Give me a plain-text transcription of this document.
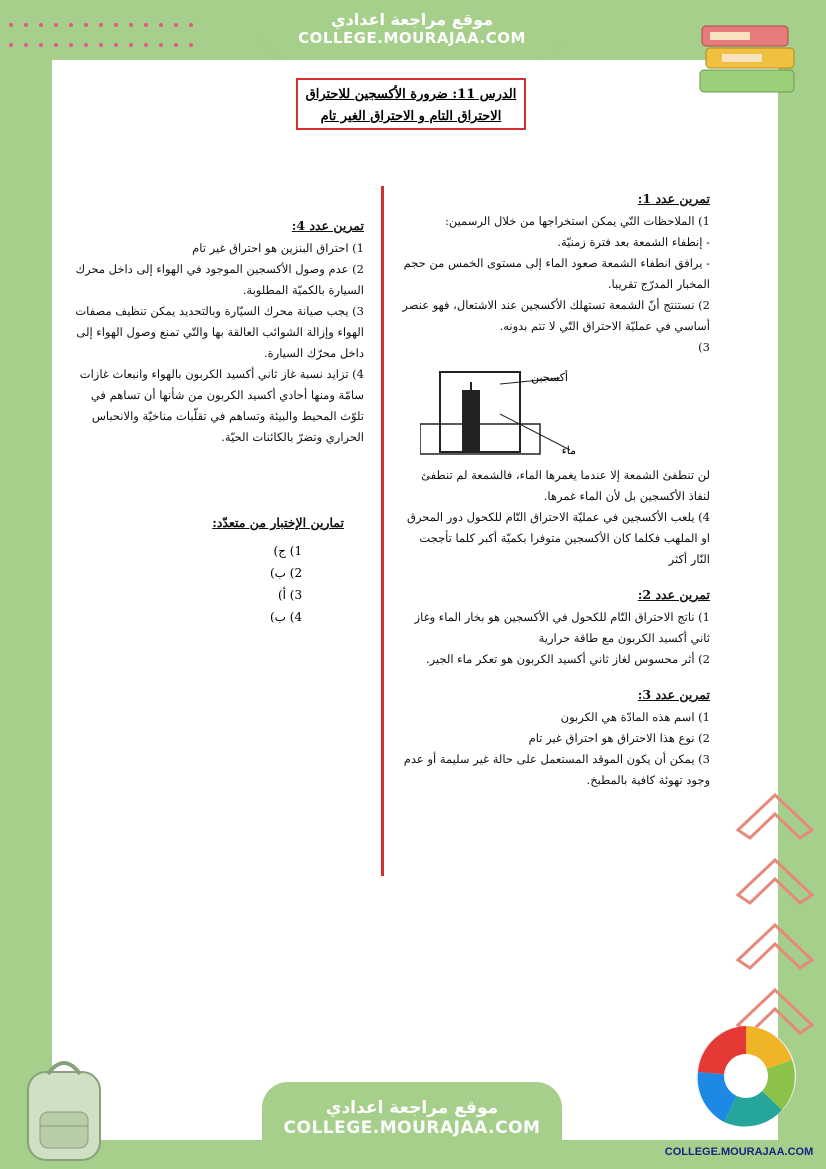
موقع مراجعة اعدادي
COLLEGE.MOURAJAA.COM
الدرس 11: ضرورة الأكسجين للاحتراق
الاحتراق التام و الاحتراق الغير تام
تمرين عدد 1:

1) الملاحظات التّي يمكن استخراجها من خلال الرسمين:

- إنطفاء الشمعة بعد فترة زمنيّة.

- يرافق انطفاء الشمعة صعود الماء إلى مستوى الخمس من حجم المخبار المدرّج تقريبا.

2) نستنتج أنّ الشمعة تستهلك الأكسجين عند الاشتعال، فهو عنصر أساسي في عمليّة الاحتراق التّي لا تتم بدونه.

3)

أكسجين
ماء

لن تنطفئ الشمعة إلا عندما يغمرها الماء، فالشمعة لم تنطفئ لنفاذ الأكسجين بل لأن الماء غمرها.

4) يلعب الأكسجين في عمليّة الاحتراق التّام للكحول دور المحرق او الملهب فكلما كان الأكسجين متوفرا بكميّة أكبر كلما تأججت النّار أكثر

تمرين عدد 2:

1) ناتج الاحتراق التّام للكحول في الأكسجين هو بخار الماء وغاز ثاني أكسيد الكربون مع طاقة حرارية

2) أثر محسوس لغاز ثاني أكسيد الكربون هو تعكر ماء الجير.

تمرين عدد 3:

1) اسم هذه المادّة هي الكربون

2) نوع هذا الاحتراق هو احتراق غير تام

3) يمكن أن يكون الموقد المستعمل على حالة غير سليمة أو عدم وجود تهوئة كافية بالمطبخ.

تمرين عدد 4:

1) احتراق البنزين هو احتراق غير تام

2) عدم وصول الأكسجين الموجود في الهواء إلى داخل محرك السيارة بالكميّة المطلوبة.

3) يجب صيانة محرك السيّارة وبالتحديد يمكن تنظيف مصفات الهواء وإزالة الشوائب العالقة بها والتّي تمنع وصول الهواء إلى داخل محرّك السيارة.

4) تزايد نسبة غاز ثاني أكسيد الكربون بالهواء وانبعاث غازات سامّة ومنها أحادي أكسيد الكربون من شأنها أن تساهم في تلوّث المحيط والبيئة وتساهم في تقلّبات مناخيّة والانحباس الحراري وتضرّ بالكائنات الحيّة.

تمارين الإختبار من متعدّد:
1) ج)
2) ب)
3) أ)
4) ب)
موقع مراجعة اعدادي
COLLEGE.MOURAJAA.COM
COLLEGE.MOURAJAA.COM
